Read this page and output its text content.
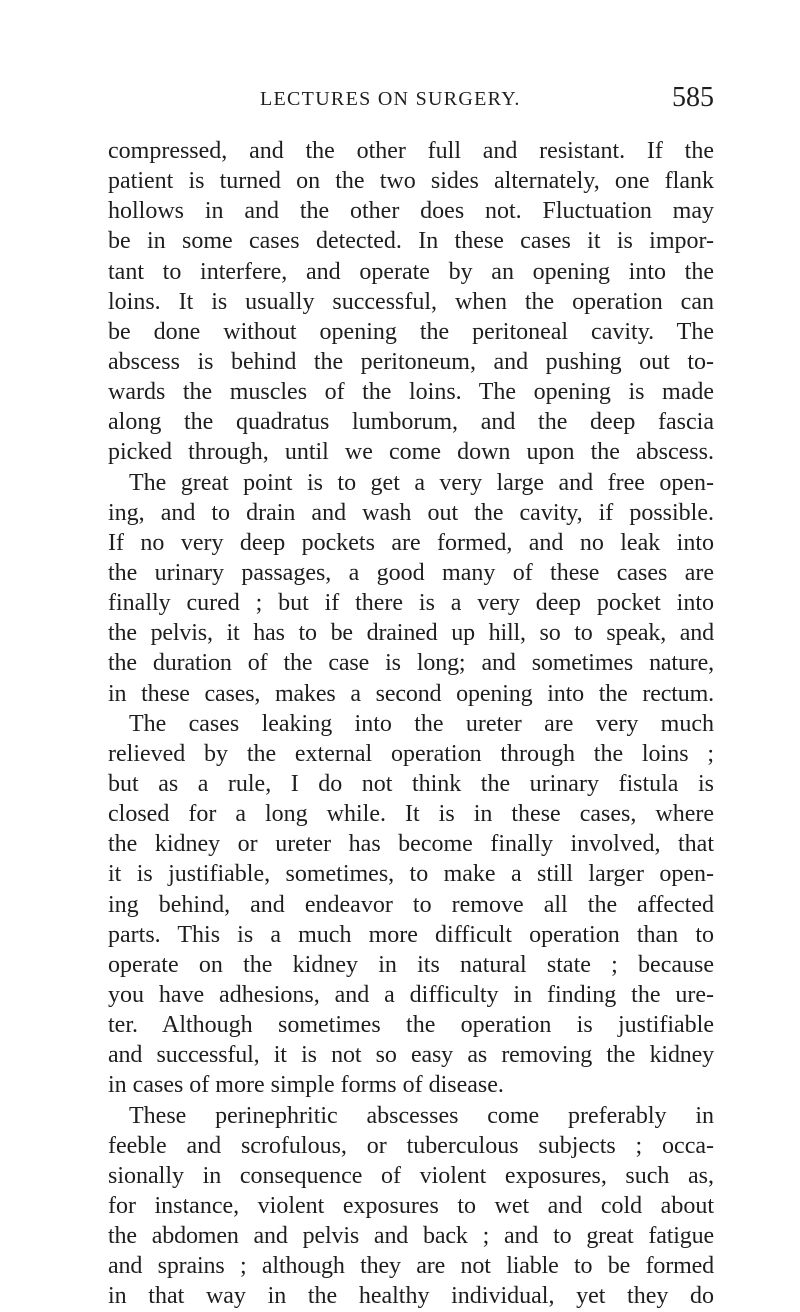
LECTURES ON SURGERY.	585
compressed, and the other full and resistant. If the
patient is turned on the two sides alternately, one flank
hollows in and the other does not. Fluctuation may
be in some cases detected. In these cases it is impor-
tant to interfere, and operate by an opening into the
loins. It is usually successful, when the operation can
be done without opening the peritoneal cavity. The
abscess is behind the peritoneum, and pushing out to-
wards the muscles of the loins. The opening is made
along the quadratus lumborum, and the deep fascia
picked through, until we come down upon the abscess.
The great point is to get a very large and free open-
ing, and to drain and wash out the cavity, if possible.
If no very deep pockets are formed, and no leak into
the urinary passages, a good many of these cases are
finally cured ; but if there is a very deep pocket into
the pelvis, it has to be drained up hill, so to speak, and
the duration of the case is long; and sometimes nature,
in these cases, makes a second opening into the rectum.
The cases leaking into the ureter are very much
relieved by the external operation through the loins ;
but as a rule, I do not think the urinary fistula is
closed for a long while. It is in these cases, where
the kidney or ureter has become finally involved, that
it is justifiable, sometimes, to make a still larger open-
ing behind, and endeavor to remove all the affected
parts. This is a much more difficult operation than to
operate on the kidney in its natural state ; because
you have adhesions, and a difficulty in finding the ure-
ter. Although sometimes the operation is justifiable
and successful, it is not so easy as removing the kidney
in cases of more simple forms of disease.
These perinephritic abscesses come preferably in
feeble and scrofulous, or tuberculous subjects ; occa-
sionally in consequence of violent exposures, such as,
for instance, violent exposures to wet and cold about
the abdomen and pelvis and back ; and to great fatigue
and sprains ; although they are not liable to be formed
in that way in the healthy individual, yet they do
